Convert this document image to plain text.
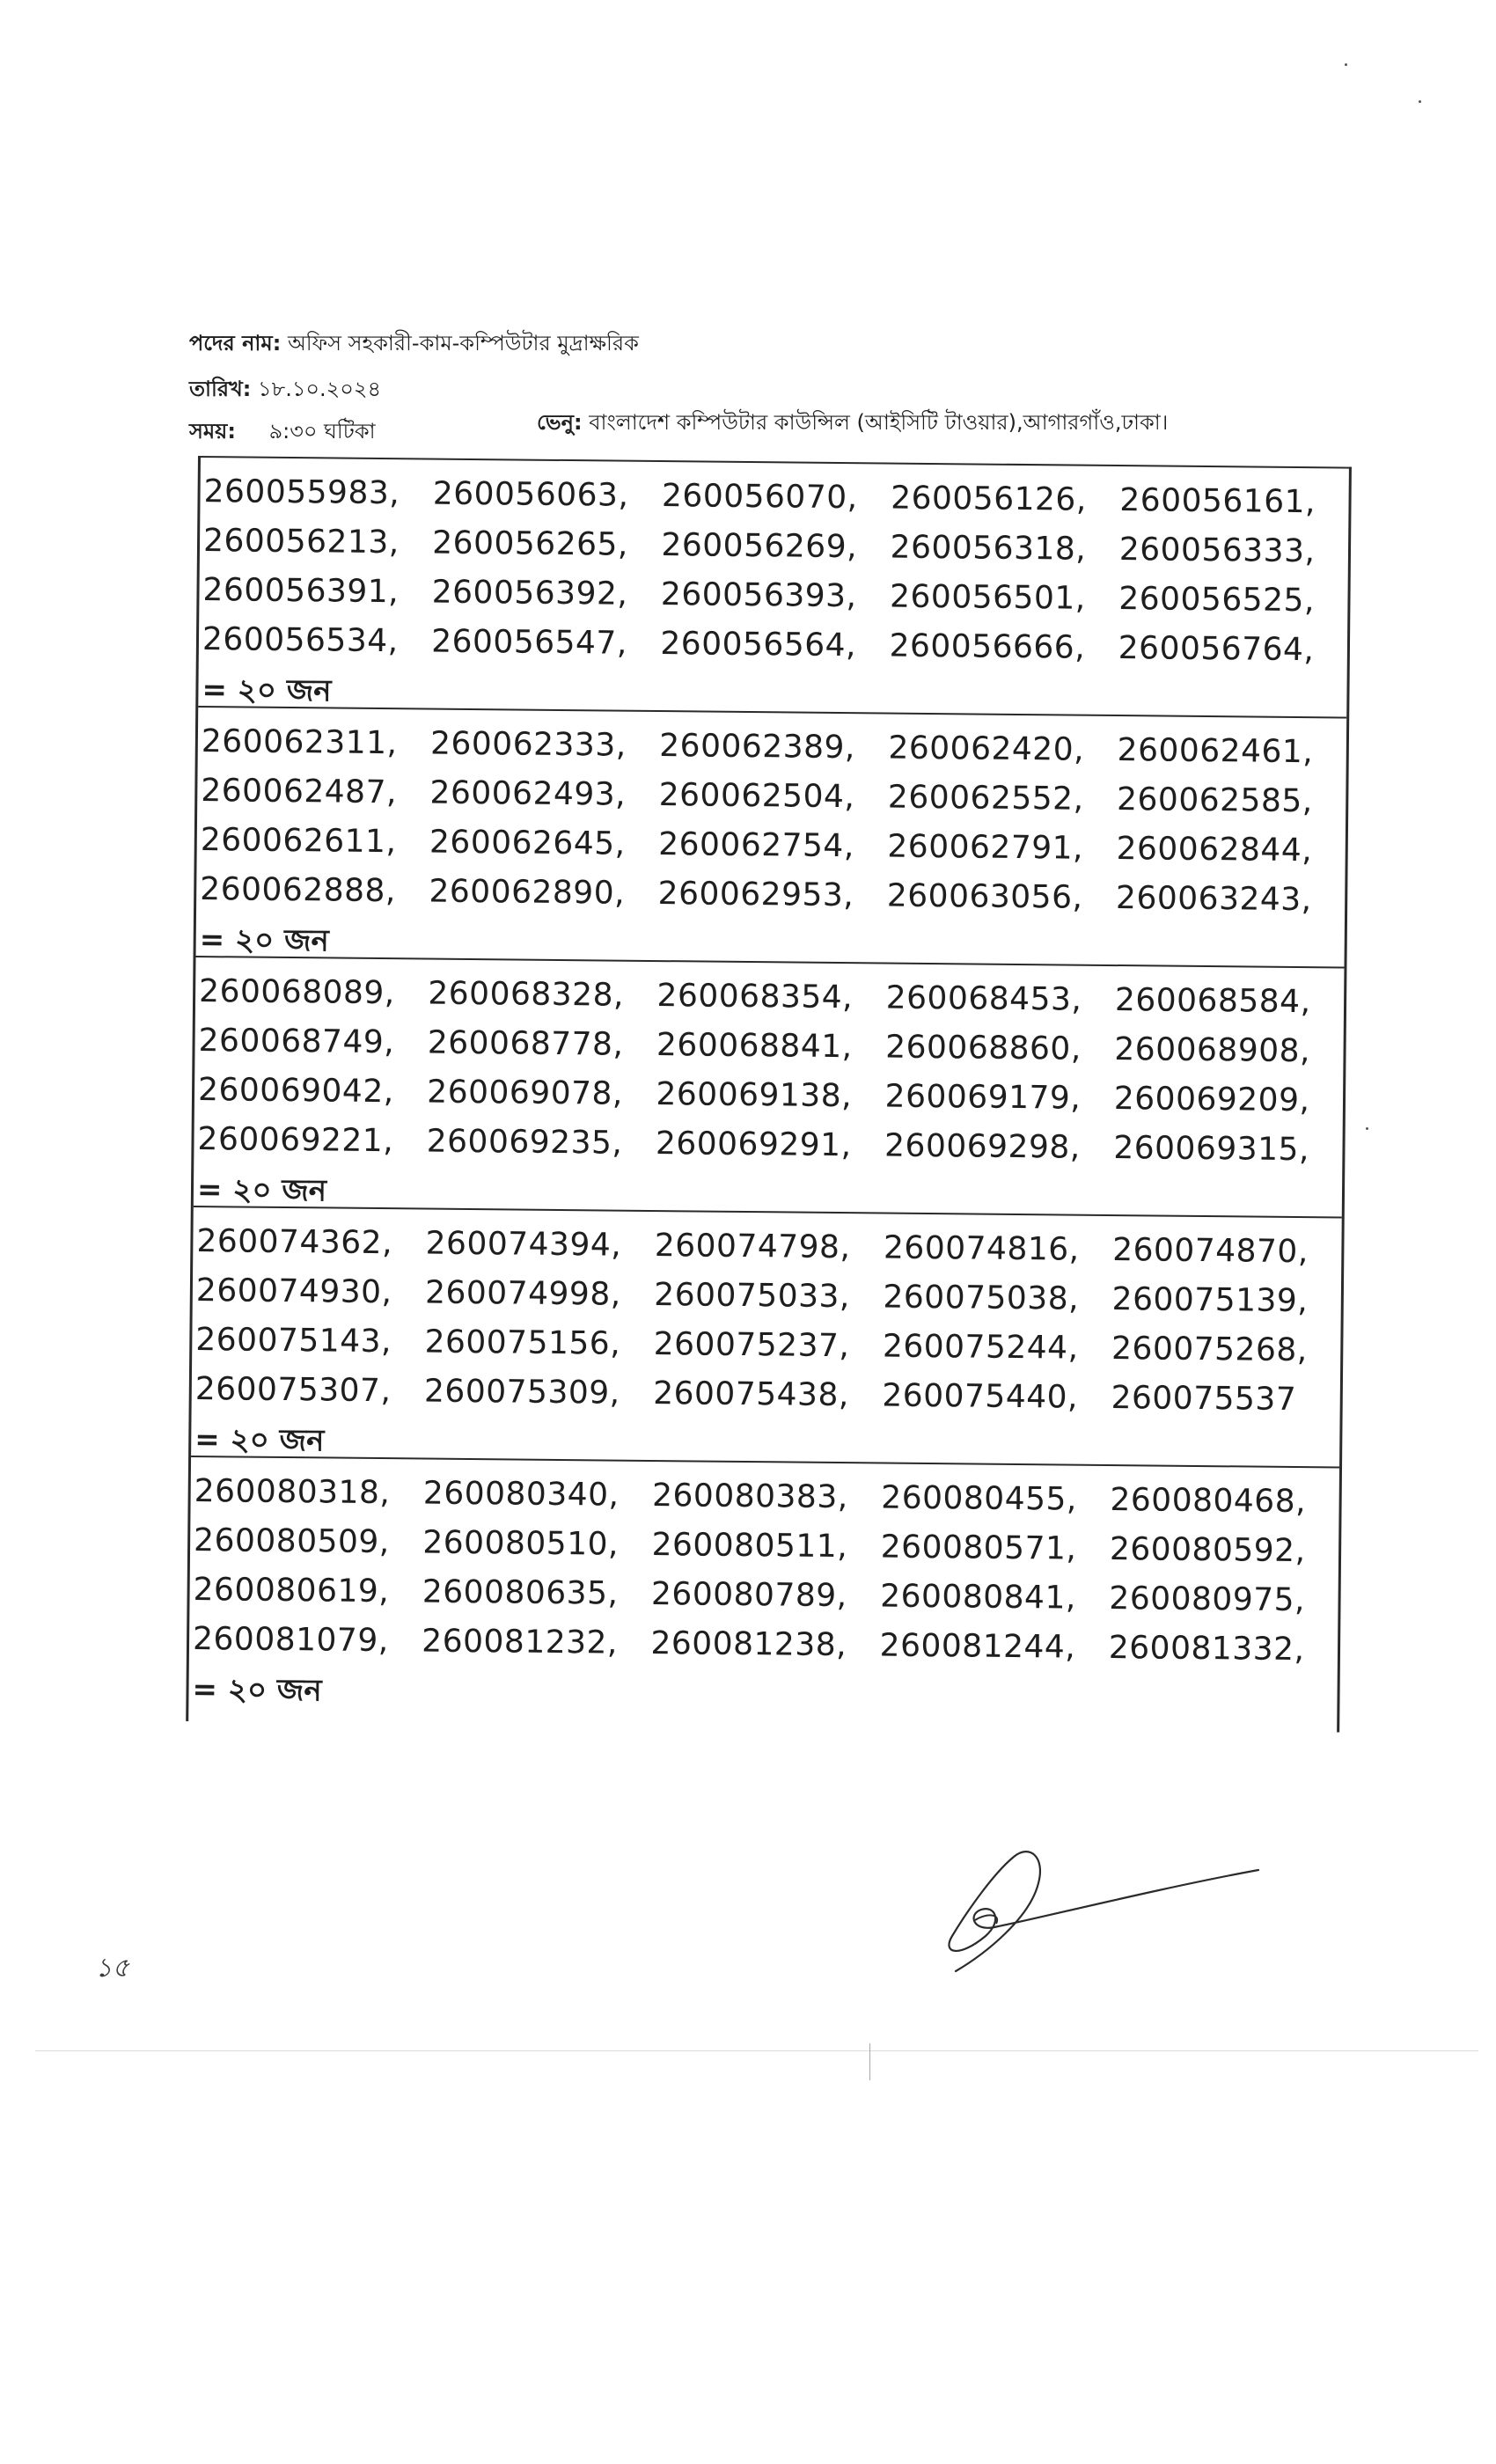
পদের নাম: অফিস সহকারী-কাম-কম্পিউটার মুদ্রাক্ষরিক
তারিখ: ১৮.১০.২০২৪
সময়: ৯:৩০ ঘটিকা	ভেনু: বাংলাদেশ কম্পিউটার কাউন্সিল (আইসিটি টাওয়ার),আগারগাঁও,ঢাকা।
260055983,	260056063,	260056070,	260056126,	260056161,
260056213,	260056265,	260056269,	260056318,	260056333,
260056391,	260056392,	260056393,	260056501,	260056525,
260056534,	260056547,	260056564,	260056666,	260056764,
= ২০ জন
260062311,	260062333,	260062389,	260062420,	260062461,
260062487,	260062493,	260062504,	260062552,	260062585,
260062611,	260062645,	260062754,	260062791,	260062844,
260062888,	260062890,	260062953,	260063056,	260063243,
= ২০ জন
260068089,	260068328,	260068354,	260068453,	260068584,
260068749,	260068778,	260068841,	260068860,	260068908,
260069042,	260069078,	260069138,	260069179,	260069209,
260069221,	260069235,	260069291,	260069298,	260069315,
= ২০ জন
260074362,	260074394,	260074798,	260074816,	260074870,
260074930,	260074998,	260075033,	260075038,	260075139,
260075143,	260075156,	260075237,	260075244,	260075268,
260075307,	260075309,	260075438,	260075440,	260075537
= ২০ জন
260080318,	260080340,	260080383,	260080455,	260080468,
260080509,	260080510,	260080511,	260080571,	260080592,
260080619,	260080635,	260080789,	260080841,	260080975,
260081079,	260081232,	260081238,	260081244,	260081332,
= ২০ জন
১৫
